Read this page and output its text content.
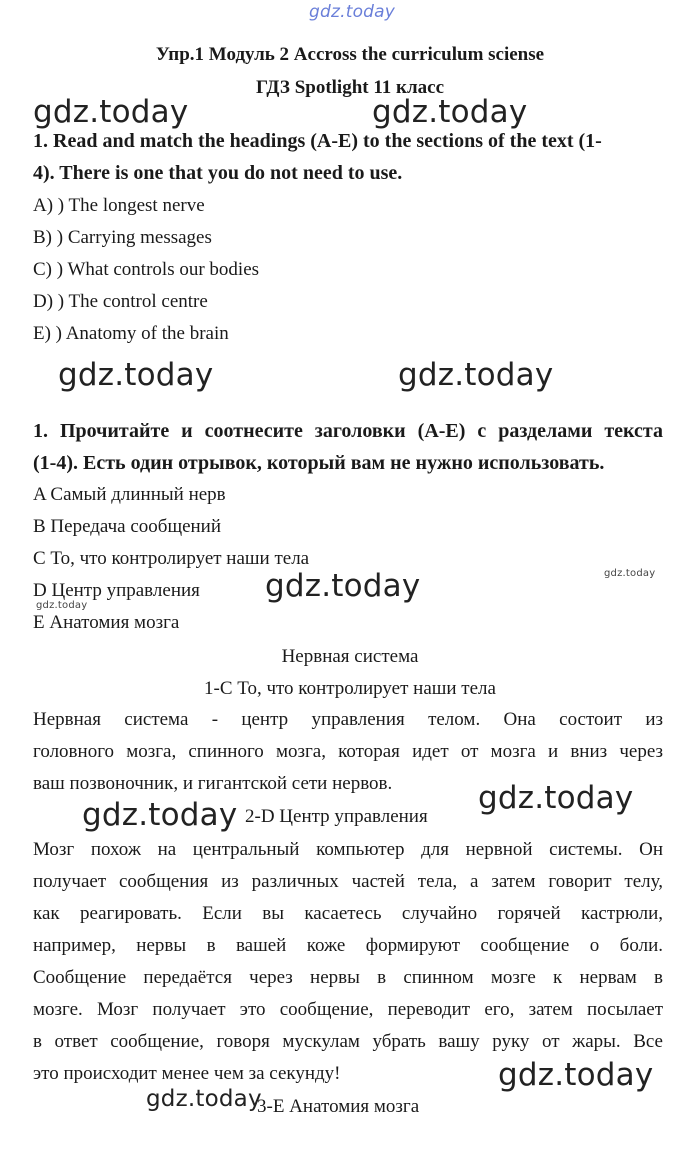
gdz.today
Упр.1 Модуль 2 Accross the curriculum sciense
ГДЗ Spotlight 11 класс
gdz.today	gdz.today
1. Read and match the headings (A-E) to the sections of the text (1-
4). There is one that you do not need to use.
A) ) The longest nerve
B) ) Carrying messages
C) ) What controls our bodies
D) ) The control centre
E) ) Anatomy of the brain
gdz.today	gdz.today
1. Прочитайте и соотнесите заголовки (A-E) с разделами текста
(1-4). Есть один отрывок, который вам не нужно использовать.
A Самый длинный нерв
B Передача сообщений
C То, что контролирует наши тела
gdz.today
D Центр управления gdz.today
gdz.today
E Анатомия мозга
Нервная система
1-C То, что контролирует наши тела
Нервная система - центр управления телом. Она состоит из
головного мозга, спинного мозга, которая идет от мозга и вниз через
ваш позвоночник, и гигантской сети нервов.	gdz.today
gdz.today 2-D Центр управления
Мозг похож на центральный компьютер для нервной системы. Он
получает сообщения из различных частей тела, а затем говорит телу,
как реагировать. Если вы касаетесь случайно горячей кастрюли,
например, нервы в вашей коже формируют сообщение о боли.
Сообщение передаётся через нервы в спинном мозге к нервам в
мозге. Мозг получает это сообщение, переводит его, затем посылает
в ответ сообщение, говоря мускулам убрать вашу руку от жары. Все
это происходит менее чем за секунду!	gdz.today
gdz.today
3-E Анатомия мозга
